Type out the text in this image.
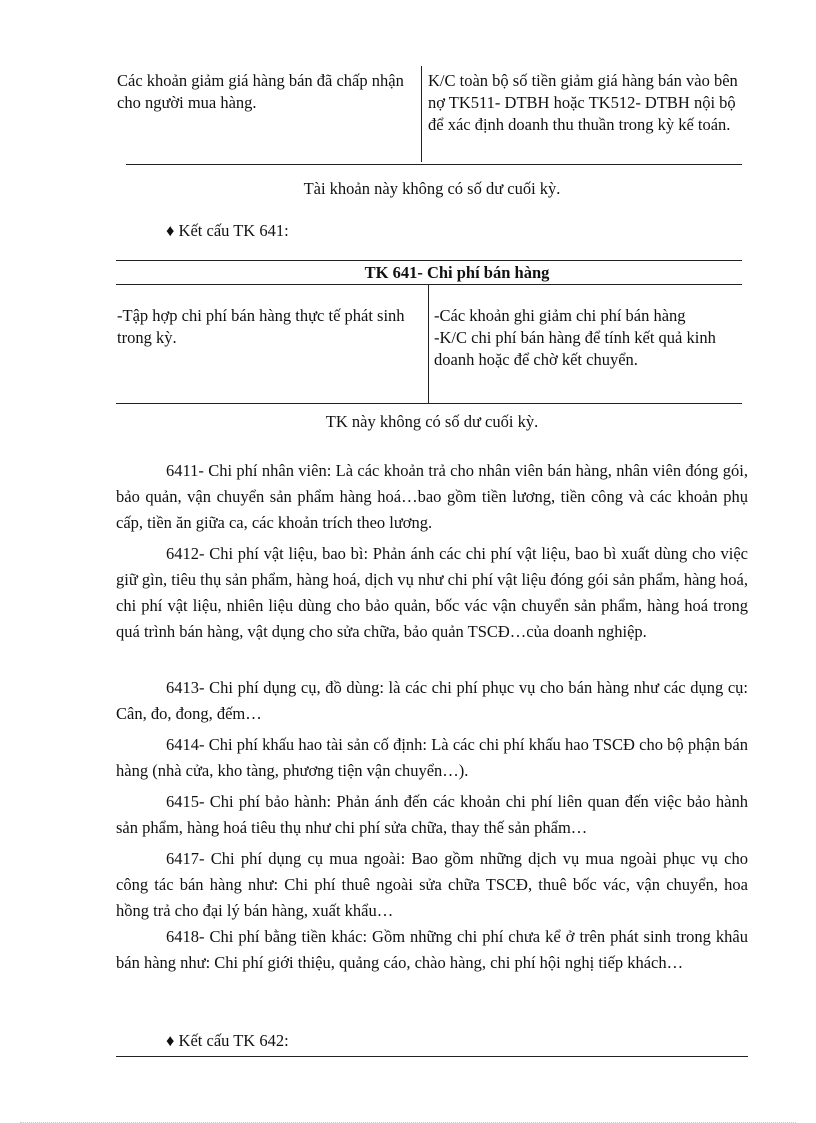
Các khoản giảm giá hàng bán đã chấp nhận cho người mua hàng.
K/C toàn bộ số tiền giảm giá hàng bán vào bên nợ TK511- DTBH hoặc TK512- DTBH nội bộ để xác định doanh thu thuần trong kỳ kế toán.
Tài khoản này không có số dư cuối kỳ.
♦ Kết cấu TK 641:
TK 641- Chi phí bán hàng
-Tập hợp chi phí bán hàng thực tế phát sinh trong kỳ.
-Các khoản ghi giảm chi phí bán hàng
-K/C chi phí bán hàng để tính kết quả kinh doanh hoặc để chờ kết chuyển.
TK này không có số dư cuối kỳ.
6411- Chi phí nhân viên: Là các khoản trả cho nhân viên bán hàng, nhân viên đóng gói, bảo quản, vận chuyển sản phẩm hàng hoá…bao gồm tiền lương, tiền công và các khoản phụ cấp, tiền ăn giữa ca, các khoản trích theo lương.
6412- Chi phí vật liệu, bao bì: Phản ánh các chi phí vật liệu, bao bì xuất dùng cho việc giữ gìn, tiêu thụ sản phẩm, hàng hoá, dịch vụ như chi phí vật liệu đóng gói sản phẩm, hàng hoá, chi phí vật liệu, nhiên liệu dùng cho bảo quản, bốc vác vận chuyển sản phẩm, hàng hoá trong quá trình bán hàng, vật dụng cho sửa chữa, bảo quản TSCĐ…của doanh nghiệp.
6413- Chi phí dụng cụ, đồ dùng: là các chi phí phục vụ cho bán hàng như các dụng cụ: Cân, đo, đong, đếm…
6414- Chi phí khấu hao tài sản cố định: Là các chi phí khấu hao TSCĐ cho bộ phận bán hàng (nhà cửa, kho tàng, phương tiện vận chuyển…).
6415- Chi phí bảo hành: Phản ánh đến các khoản chi phí liên quan đến việc bảo hành sản phẩm, hàng hoá tiêu thụ như chi phí sửa chữa, thay thế sản phẩm…
6417- Chi phí dụng cụ mua ngoài: Bao gồm những dịch vụ mua ngoài phục vụ cho công tác bán hàng như: Chi phí thuê ngoài sửa chữa TSCĐ, thuê bốc vác, vận chuyển, hoa hồng trả cho đại lý bán hàng, xuất khẩu…
6418- Chi phí bằng tiền khác: Gồm những chi phí chưa kể ở trên phát sinh trong khâu bán hàng như: Chi phí giới thiệu, quảng cáo, chào hàng, chi phí hội nghị tiếp khách…
♦ Kết cấu TK 642:
